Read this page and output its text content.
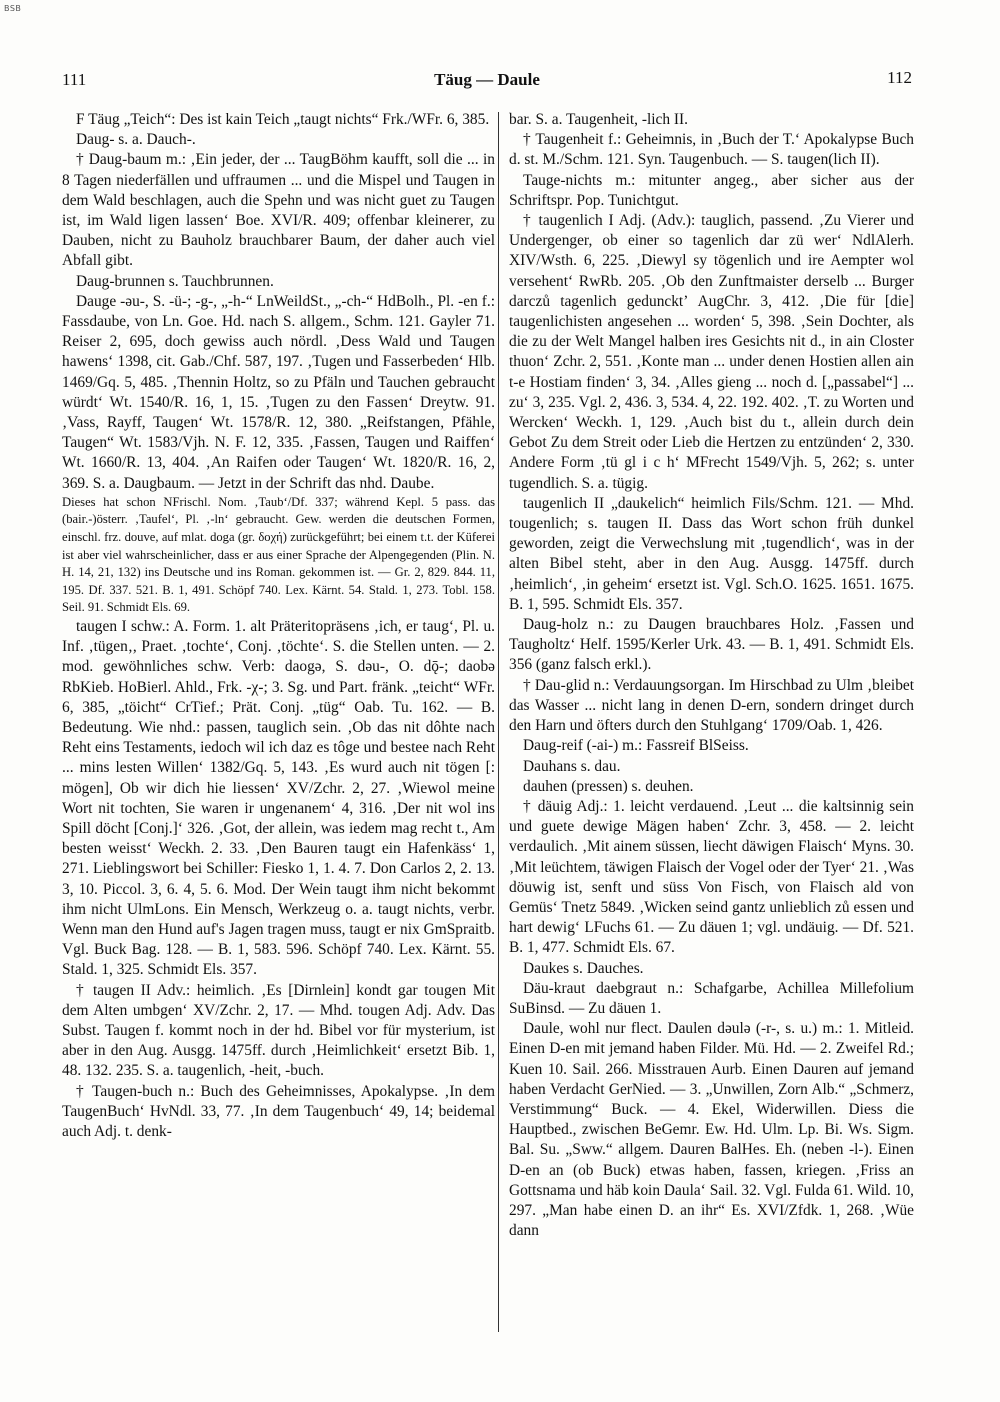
BSB
111	Täug — Daule	112

F Täug „Teich“: Des ist kain Teich „taugt nichts“ Frk./WFr. 6, 385.

Daug- s. a. Dauch-.

† Daug-baum m.: ‚Ein jeder, der ... TaugBöhm kaufft, soll die ... in 8 Tagen niederfällen und uffraumen ... und die Mispel und Taugen in dem Wald beschlagen, auch die Spehn und was nicht guet zu Taugen ist, im Wald ligen lassen‘ Boe. XVI/R. 409; offenbar kleinerer, zu Dauben, nicht zu Bauholz brauchbarer Baum, der daher auch viel Abfall gibt.

Daug-brunnen s. Tauchbrunnen.

Dauge -əu-, S. -ü-; -g-, „-h-“ LnWeildSt., „-ch-“ HdBolh., Pl. -en f.: Fassdaube, von Ln. Goe. Hd. nach S. allgem., Schm. 121. Gayler 71. Reiser 2, 695, doch gewiss auch nördl. ‚Dess Wald und Taugen hawens‘ 1398, cit. Gab./Chf. 587, 197. ‚Tugen und Fasserbeden‘ Hlb. 1469/Gq. 5, 485. ‚Thennin Holtz, so zu Pfäln und Tauchen gebraucht würdt‘ Wt. 1540/R. 16, 1, 15. ‚Tugen zu den Fassen‘ Dreytw. 91. ‚Vass, Rayff, Taugen‘ Wt. 1578/R. 12, 380. „Reifstangen, Pfähle, Taugen“ Wt. 1583/Vjh. N. F. 12, 335. ‚Fassen, Taugen und Raiffen‘ Wt. 1660/R. 13, 404. ‚An Raifen oder Taugen‘ Wt. 1820/R. 16, 2, 369. S. a. Daugbaum. — Jetzt in der Schrift das nhd. Daube.

Dieses hat schon NFrischl. Nom. ‚Taub‘/Df. 337; während Kepl. 5 pass. das (bair.-)österr. ‚Taufel‘, Pl. ‚-ln‘ gebraucht. Gew. werden die deutschen Formen, einschl. frz. douve, auf mlat. doga (gr. δοχή) zurückgeführt; bei einem t.t. der Küferei ist aber viel wahrscheinlicher, dass er aus einer Sprache der Alpengegenden (Plin. N. H. 14, 21, 132) ins Deutsche und ins Roman. gekommen ist. — Gr. 2, 829. 844. 11, 195. Df. 337. 521. B. 1, 491. Schöpf 740. Lex. Kärnt. 54. Stald. 1, 273. Tobl. 158. Seil. 91. Schmidt Els. 69.

taugen I schw.: A. Form. 1. alt Präteritopräsens ‚ich, er taug‘, Pl. u. Inf. ‚tügen‚, Praet. ‚tochte‘, Conj. ‚töchte‘. S. die Stellen unten. — 2. mod. gewöhnliches schw. Verb: daogə, S. dəu-, O. dǭ-; daobə RbKieb. HoBierl. Ahld., Frk. -χ-; 3. Sg. und Part. fränk. „teicht“ WFr. 6, 385, „töicht“ CrTief.; Prät. Conj. „tüg“ Oab. Tu. 162. — B. Bedeutung. Wie nhd.: passen, tauglich sein. ‚Ob das nit dôhte nach Reht eins Testaments, iedoch wil ich daz es tôge und bestee nach Reht ... mins lesten Willen‘ 1382/Gq. 5, 143. ‚Es wurd auch nit tögen [: mögen], Ob wir dich hie liessen‘ XV/Zchr. 2, 27. ‚Wiewol meine Wort nit tochten, Sie waren ir ungenanem‘ 4, 316. ‚Der nit wol ins Spill döcht [Conj.]‘ 326. ‚Got, der allein, was iedem mag recht t., Am besten weisst‘ Weckh. 2. 33. ‚Den Bauren taugt ein Hafenkäss‘ 1, 271. Lieblingswort bei Schiller: Fiesko 1, 1. 4. 7. Don Carlos 2, 2. 13. 3, 10. Piccol. 3, 6. 4, 5. 6. Mod. Der Wein taugt ihm nicht bekommt ihm nicht UlmLons. Ein Mensch, Werkzeug o. a. taugt nichts, verbr. Wenn man den Hund auf's Jagen tragen muss, taugt er nix GmSpraitb. Vgl. Buck Bag. 128. — B. 1, 583. 596. Schöpf 740. Lex. Kärnt. 55. Stald. 1, 325. Schmidt Els. 357.

† taugen II Adv.: heimlich. ‚Es [Dirnlein] kondt gar tougen Mit dem Alten umbgen‘ XV/Zchr. 2, 17. — Mhd. tougen Adj. Adv. Das Subst. Taugen f. kommt noch in der hd. Bibel vor für mysterium, ist aber in den Aug. Ausgg. 1475ff. durch ‚Heimlichkeit‘ ersetzt Bib. 1, 48. 132. 235. S. a. taugenlich, -heit, -buch.

† Taugen-buch n.: Buch des Geheimnisses, Apokalypse. ‚In dem TaugenBuch‘ HvNdl. 33, 77. ‚In dem Taugenbuch‘ 49, 14; beidemal auch Adj. t. denk-

bar. S. a. Taugenheit, -lich II.

† Taugenheit f.: Geheimnis, in ‚Buch der T.‘ Apokalypse Buch d. st. M./Schm. 121. Syn. Taugenbuch. — S. taugen(lich II).

Tauge-nichts m.: mitunter angeg., aber sicher aus der Schriftspr. Pop. Tunichtgut.

† taugenlich I Adj. (Adv.): tauglich, passend. ‚Zu Vierer und Undergenger, ob einer so tagenlich dar zü wer‘ NdlAlerh. XIV/Wsth. 6, 225. ‚Diewyl sy tögenlich und ire Aempter wol versehent‘ RwRb. 205. ‚Ob den Zunftmaister derselb ... Burger darczů tagenlich geduncktʼ AugChr. 3, 412. ‚Die für [die] taugenlichisten angesehen ... worden‘ 5, 398. ‚Sein Dochter, als die zu der Welt Mangel halben ires Gesichts nit d., in ain Closter thuon‘ Zchr. 2, 551. ‚Konte man ... under denen Hostien allen ain t-e Hostiam finden‘ 3, 34. ‚Alles gieng ... noch d. [„passabel“] ... zu‘ 3, 235. Vgl. 2, 436. 3, 534. 4, 22. 192. 402. ‚T. zu Worten und Wercken‘ Weckh. 1, 129. ‚Auch bist du t., allein durch dein Gebot Zu dem Streit oder Lieb die Hertzen zu entzünden‘ 2, 330. Andere Form ‚tü gl i c h‘ MFrecht 1549/Vjh. 5, 262; s. unter tugendlich. S. a. tügig.

taugenlich II „daukelich“ heimlich Fils/Schm. 121. — Mhd. tougenlich; s. taugen II. Dass das Wort schon früh dunkel geworden, zeigt die Verwechslung mit ‚tugendlich‘, was in der alten Bibel steht, aber in den Aug. Ausgg. 1475ff. durch ‚heimlich‘, ‚in geheim‘ ersetzt ist. Vgl. Sch.O. 1625. 1651. 1675. B. 1, 595. Schmidt Els. 357.

Daug-holz n.: zu Daugen brauchbares Holz. ‚Fassen und Taugholtz‘ Helf. 1595/Kerler Urk. 43. — B. 1, 491. Schmidt Els. 356 (ganz falsch erkl.).

† Dau-glid n.: Verdauungsorgan. Im Hirschbad zu Ulm ‚bleibet das Wasser ... nicht lang in denen D-ern, sondern dringet durch den Harn und öfters durch den Stuhlgang‘ 1709/Oab. 1, 426.

Daug-reif (-ai-) m.: Fassreif BlSeiss.

Dauhans s. dau.

dauhen (pressen) s. deuhen.

† däuig Adj.: 1. leicht verdauend. ‚Leut ... die kaltsinnig sein und guete dewige Mägen haben‘ Zchr. 3, 458. — 2. leicht verdaulich. ‚Mit ainem süssen, liecht däwigen Flaisch‘ Myns. 30. ‚Mit leüchtem, täwigen Flaisch der Vogel oder der Tyer‘ 21. ‚Was döuwig ist, senft und süss Von Fisch, von Flaisch ald von Gemüs‘ Tnetz 5849. ‚Wicken seind gantz unlieblich zů essen und hart dewig‘ LFuchs 61. — Zu däuen 1; vgl. undäuig. — Df. 521. B. 1, 477. Schmidt Els. 67.

Daukes s. Dauches.

Däu-kraut daebgraut n.: Schafgarbe, Achillea Millefolium SuBinsd. — Zu däuen 1.

Daule, wohl nur flect. Daulen dəulə (-r-, s. u.) m.: 1. Mitleid. Einen D-en mit jemand haben Filder. Mü. Hd. — 2. Zweifel Rd.; Kuen 10. Sail. 266. Misstrauen Aurb. Einen Dauren auf jemand haben Verdacht GerNied. — 3. „Unwillen, Zorn Alb.“ „Schmerz, Verstimmung“ Buck. — 4. Ekel, Widerwillen. Diess die Hauptbed., zwischen BeGemr. Ew. Hd. Ulm. Lp. Bi. Ws. Sigm. Bal. Su. „Sww.“ allgem. Dauren BalHes. Eh. (neben -l-). Einen D-en an (ob Buck) etwas haben, fassen, kriegen. ‚Friss an Gottsnama und häb koin Daula‘ Sail. 32. Vgl. Fulda 61. Wild. 10, 297. „Man habe einen D. an ihr“ Es. XVI/Zfdk. 1, 268. ‚Wüe dann
